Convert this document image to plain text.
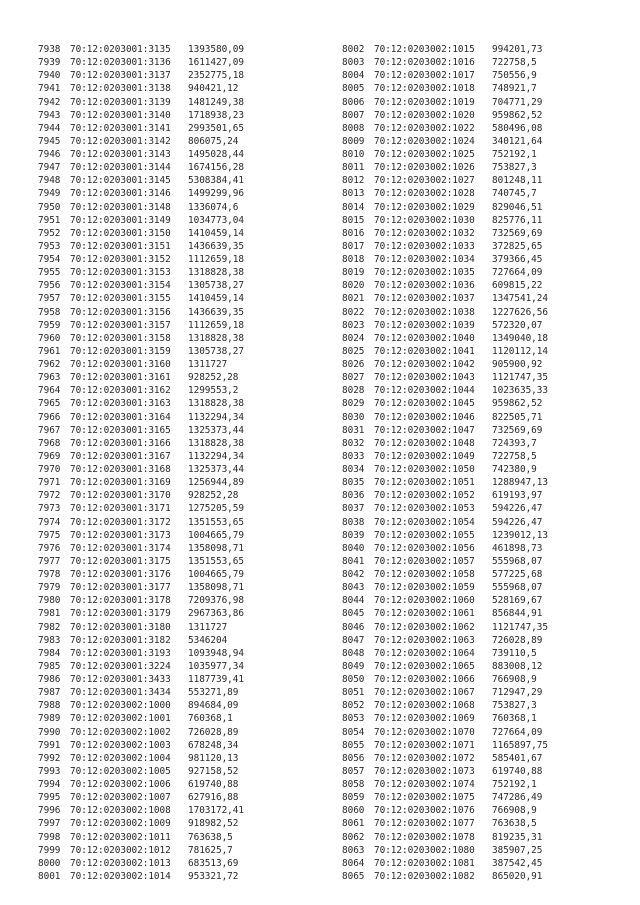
7938 70:12:0203001:3135 1393580,09
7939 70:12:0203001:3136 1611427,09
7940 70:12:0203001:3137 2352775,18
7941 70:12:0203001:3138 940421,12
7942 70:12:0203001:3139 1481249,38
7943 70:12:0203001:3140 1718938,23
7944 70:12:0203001:3141 2993501,65
7945 70:12:0203001:3142 806075,24
7946 70:12:0203001:3143 1495028,44
7947 70:12:0203001:3144 1674156,28
7948 70:12:0203001:3145 5308384,41
7949 70:12:0203001:3146 1499299,96
7950 70:12:0203001:3148 1336074,6
7951 70:12:0203001:3149 1034773,04
7952 70:12:0203001:3150 1410459,14
7953 70:12:0203001:3151 1436639,35
7954 70:12:0203001:3152 1112659,18
7955 70:12:0203001:3153 1318828,38
7956 70:12:0203001:3154 1305738,27
7957 70:12:0203001:3155 1410459,14
7958 70:12:0203001:3156 1436639,35
7959 70:12:0203001:3157 1112659,18
7960 70:12:0203001:3158 1318828,38
7961 70:12:0203001:3159 1305738,27
7962 70:12:0203001:3160 1311727
7963 70:12:0203001:3161 928252,28
7964 70:12:0203001:3162 1299553,2
7965 70:12:0203001:3163 1318828,38
7966 70:12:0203001:3164 1132294,34
7967 70:12:0203001:3165 1325373,44
7968 70:12:0203001:3166 1318828,38
7969 70:12:0203001:3167 1132294,34
7970 70:12:0203001:3168 1325373,44
7971 70:12:0203001:3169 1256944,89
7972 70:12:0203001:3170 928252,28
7973 70:12:0203001:3171 1275205,59
7974 70:12:0203001:3172 1351553,65
7975 70:12:0203001:3173 1004665,79
7976 70:12:0203001:3174 1358098,71
7977 70:12:0203001:3175 1351553,65
7978 70:12:0203001:3176 1004665,79
7979 70:12:0203001:3177 1358098,71
7980 70:12:0203001:3178 7209376,98
7981 70:12:0203001:3179 2967363,86
7982 70:12:0203001:3180 1311727
7983 70:12:0203001:3182 5346204
7984 70:12:0203001:3193 1093948,94
7985 70:12:0203001:3224 1035977,34
7986 70:12:0203001:3433 1187739,41
7987 70:12:0203001:3434 553271,89
7988 70:12:0203002:1000 894684,09
7989 70:12:0203002:1001 760368,1
7990 70:12:0203002:1002 726028,89
7991 70:12:0203002:1003 678248,34
7992 70:12:0203002:1004 981120,13
7993 70:12:0203002:1005 927158,52
7994 70:12:0203002:1006 619740,88
7995 70:12:0203002:1007 627916,88
7996 70:12:0203002:1008 1703172,41
7997 70:12:0203002:1009 918982,52
7998 70:12:0203002:1011 763638,5
7999 70:12:0203002:1012 781625,7
8000 70:12:0203002:1013 683513,69
8001 70:12:0203002:1014 953321,72
8002 70:12:0203002:1015 994201,73
8003 70:12:0203002:1016 722758,5
8004 70:12:0203002:1017 750556,9
8005 70:12:0203002:1018 748921,7
8006 70:12:0203002:1019 704771,29
8007 70:12:0203002:1020 959862,52
8008 70:12:0203002:1022 580496,08
8009 70:12:0203002:1024 340121,64
8010 70:12:0203002:1025 752192,1
8011 70:12:0203002:1026 753827,3
8012 70:12:0203002:1027 801248,11
8013 70:12:0203002:1028 740745,7
8014 70:12:0203002:1029 829046,51
8015 70:12:0203002:1030 825776,11
8016 70:12:0203002:1032 732569,69
8017 70:12:0203002:1033 372825,65
8018 70:12:0203002:1034 379366,45
8019 70:12:0203002:1035 727664,09
8020 70:12:0203002:1036 609815,22
8021 70:12:0203002:1037 1347541,24
8022 70:12:0203002:1038 1227626,56
8023 70:12:0203002:1039 572320,07
8024 70:12:0203002:1040 1349040,18
8025 70:12:0203002:1041 1120112,14
8026 70:12:0203002:1042 905900,92
8027 70:12:0203002:1043 1121747,35
8028 70:12:0203002:1044 1023635,33
8029 70:12:0203002:1045 959862,52
8030 70:12:0203002:1046 822505,71
8031 70:12:0203002:1047 732569,69
8032 70:12:0203002:1048 724393,7
8033 70:12:0203002:1049 722758,5
8034 70:12:0203002:1050 742380,9
8035 70:12:0203002:1051 1288947,13
8036 70:12:0203002:1052 619193,97
8037 70:12:0203002:1053 594226,47
8038 70:12:0203002:1054 594226,47
8039 70:12:0203002:1055 1239012,13
8040 70:12:0203002:1056 461898,73
8041 70:12:0203002:1057 555968,07
8042 70:12:0203002:1058 577225,68
8043 70:12:0203002:1059 555968,07
8044 70:12:0203002:1060 528169,67
8045 70:12:0203002:1061 856844,91
8046 70:12:0203002:1062 1121747,35
8047 70:12:0203002:1063 726028,89
8048 70:12:0203002:1064 739110,5
8049 70:12:0203002:1065 883008,12
8050 70:12:0203002:1066 766908,9
8051 70:12:0203002:1067 712947,29
8052 70:12:0203002:1068 753827,3
8053 70:12:0203002:1069 760368,1
8054 70:12:0203002:1070 727664,09
8055 70:12:0203002:1071 1165897,75
8056 70:12:0203002:1072 585401,67
8057 70:12:0203002:1073 619740,88
8058 70:12:0203002:1074 752192,1
8059 70:12:0203002:1075 747286,49
8060 70:12:0203002:1076 766908,9
8061 70:12:0203002:1077 763638,5
8062 70:12:0203002:1078 819235,31
8063 70:12:0203002:1080 385907,25
8064 70:12:0203002:1081 387542,45
8065 70:12:0203002:1082 865020,91
